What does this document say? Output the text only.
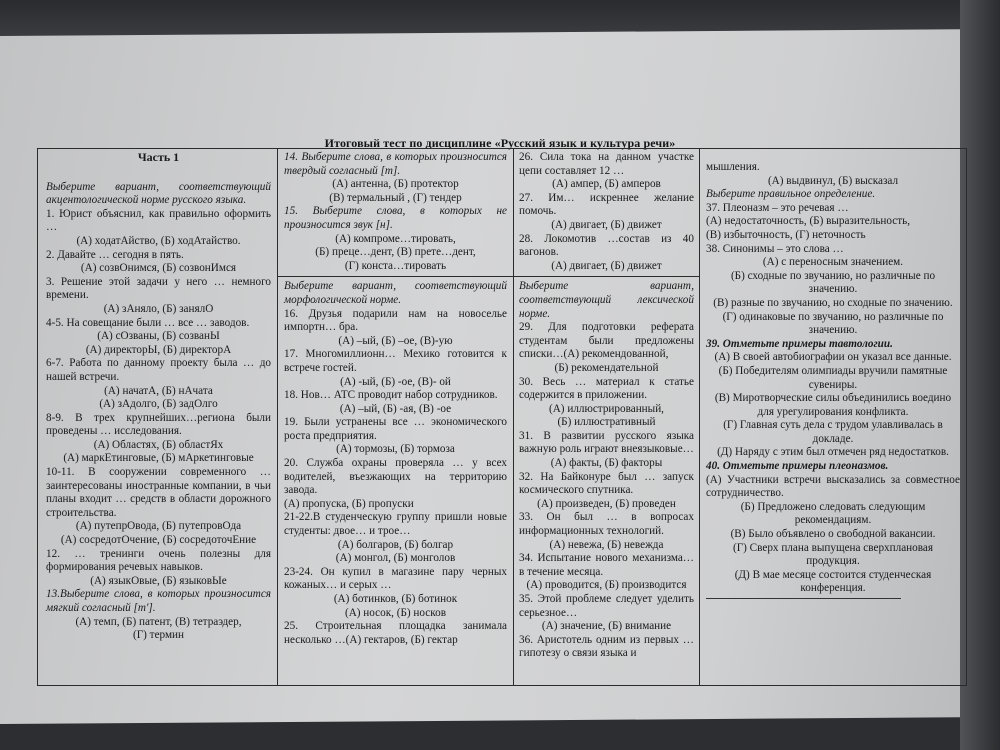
Итоговый тест по дисциплине «Русский язык и культура речи»
Часть 1
Выберите вариант, соответствующий акцентологической норме русского языка.
1. Юрист объяснил, как правильно оформить …
(А) ходатАйство, (Б) ходАтайство.
2. Давайте … сегодня в пять.
(А) созвОнимся, (Б) созвонИмся
3. Решение этой задачи у него … немного времени.
(А) зАняло, (Б) занялО
4-5. На совещание были … все … заводов.
(А) сОзваны, (Б) созванЫ
(А) директорЫ, (Б) директорА
6-7. Работа по данному проекту была … до нашей встречи.
(А) начатА, (Б) нАчата
(А) зАдолго, (Б) задОлго
8-9. В трех крупнейших…региона были проведены … исследования.
(А) Областях, (Б) областЯх
(А) маркЕтинговые, (Б) мАркетинговые
10-11. В сооружении современного … заинтересованы иностранные компании, в чьи планы входит … средств в области дорожного строительства.
(А) путепрОвода, (Б) путепровОда
(А) сосредотОчение, (Б) сосредоточЕние
12. … тренинги очень полезны для формирования речевых навыков.
(А) языкОвые, (Б) языковЫе
13.Выберите слова, в которых произносится мягкий согласный [т'].
(А) темп, (Б) патент, (В) тетраэдер,
(Г) термин
14. Выберите слова, в которых произносится твердый согласный [т].
(А) антенна, (Б) протектор
(В) термальный , (Г) тендер
15. Выберите слова, в которых не произносится звук [н].
(А) компроме…тировать,
(Б) преце…дент, (В) прете…дент,
(Г) конста…тировать
Выберите вариант, соответствующий морфологической норме.
16. Друзья подарили нам на новоселье импортн… бра.
(А) –ый, (Б) –ое, (В)-ую
17. Многомиллионн… Мехико готовится к встрече гостей.
(А) -ый, (Б) -ое, (В)- ой
18. Нов… АТС проводит набор сотрудников.
(А) –ый, (Б) -ая, (В) -ое
19. Были устранены все … экономического роста предприятия.
(А) тормозы, (Б) тормоза
20. Служба охраны проверяла … у всех водителей, въезжающих на территорию завода.
(А) пропуска, (Б) пропуски
21-22.В студенческую группу пришли новые студенты: двое… и трое…
(А) болгаров, (Б) болгар
(А) монгол, (Б) монголов
23-24. Он купил в магазине пару черных кожаных… и серых …
(А) ботинков, (Б) ботинок
(А) носок, (Б) носков
25. Строительная площадка занимала несколько …(А) гектаров, (Б) гектар
26. Сила тока на данном участке цепи составляет 12 …
(А) ампер, (Б) амперов
27. Им… искреннее желание помочь.
(А) двигает, (Б) движет
28. Локомотив …состав из 40 вагонов.
(А) двигает, (Б) движет
Выберите вариант, соответствующий лексической норме.
29. Для подготовки реферата студентам были предложены списки…(А) рекомендованной,
(Б) рекомендательной
30. Весь … материал к статье содержится в приложении.
(А) иллюстрированный,
(Б) иллюстративный
31. В развитии русского языка важную роль играют внеязыковые…
(А) факты, (Б) факторы
32. На Байконуре был … запуск космического спутника.
(А) произведен, (Б) проведен
33. Он был … в вопросах информационных технологий.
(А) невежа, (Б) невежда
34. Испытание нового механизма… в течение месяца.
(А) проводится, (Б) производится
35. Этой проблеме следует уделить серьезное…
(А) значение, (Б) внимание
36. Аристотель одним из первых … гипотезу о связи языка и
мышления.
(А) выдвинул, (Б) высказал
Выберите правильное определение.
37. Плеоназм – это речевая …
(А) недостаточность, (Б) выразительность,
(В) избыточность, (Г) неточность
38. Синонимы – это слова …
(А) с переносным значением.
(Б) сходные по звучанию, но различные по значению.
(В) разные по звучанию, но сходные по значению.
(Г) одинаковые по звучанию, но различные по значению.
39. Отметьте примеры тавтологии.
(А) В своей автобиографии он указал все данные.
(Б) Победителям олимпиады вручили памятные сувениры.
(В) Миротворческие силы объединились воедино для урегулирования конфликта.
(Г) Главная суть дела с трудом улавливалась в докладе.
(Д) Наряду с этим был отмечен ряд недостатков.
40. Отметьте примеры плеоназмов.
(А) Участники встречи высказались за совместное сотрудничество.
(Б) Предложено следовать следующим рекомендациям.
(В) Было объявлено о свободной вакансии.
(Г) Сверх плана выпущена сверхплановая продукция.
(Д) В мае месяце состоится студенческая конференция.
